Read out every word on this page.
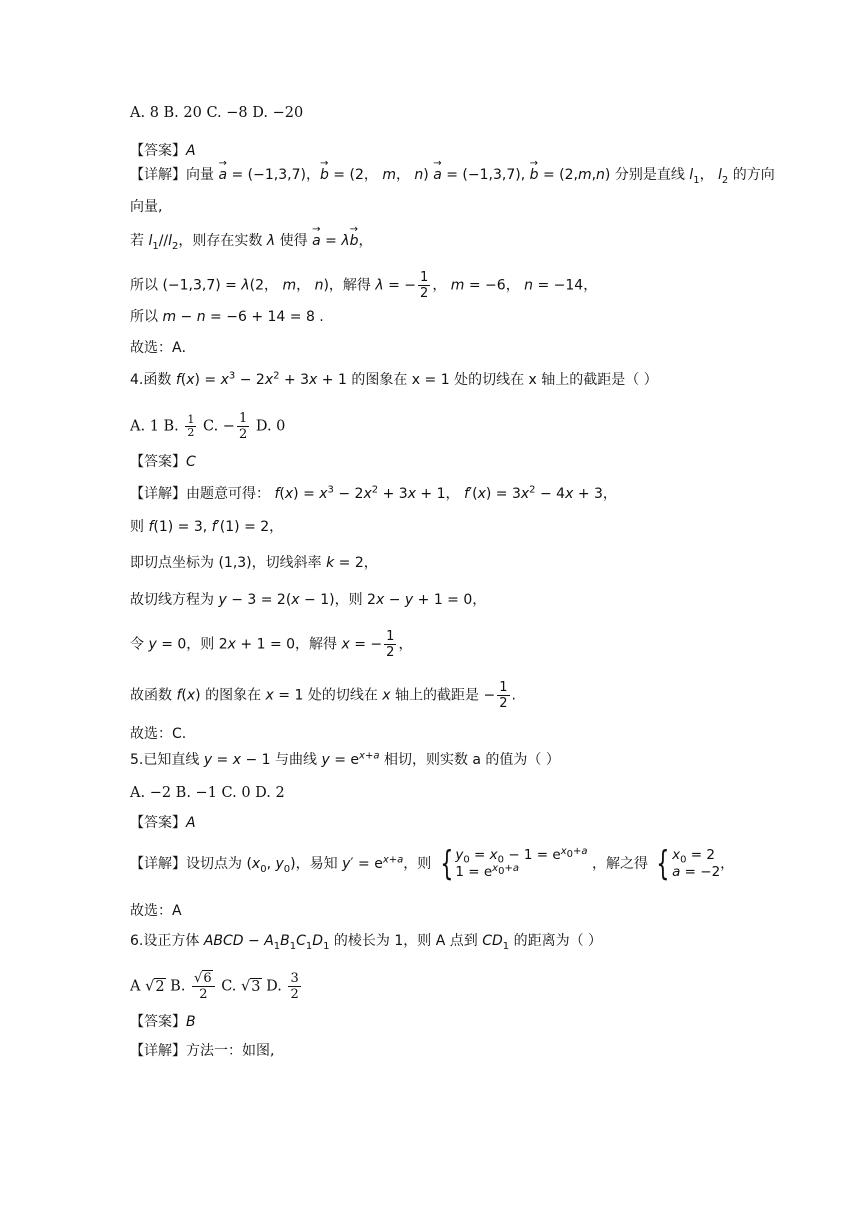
A. 8 B. 20 C. −8 D. −20
【答案】A
【详解】向量 → a = (−1,3,7)，→ b = (2， m， n) → a = (−1,3,7), → b = (2,m,n) 分别是直线 $l_1$， $l_2$ 的方向
向量,
若 $l_1//l_2$，则存在实数 λ 使得 → a = λ→ b，
所以 (−1,3,7) = λ(2， m， n)，解得 λ = − $\frac{1}{2}$ ， m = −6， n = −14，
所以 m − n = −6 + 14 = 8 .
故选：A．
4.函数 $f(x) = x^3 - 2x^2 + 3x + 1$ 的图象在 x = 1 处的切线在 x 轴上的截距是（ ）
A. 1 B. $\frac{1}{2} C$. − $\frac{1}{2} D$. 0
【答案】C
【详解】由题意可得： $f(x) = x^3 - 2x^2 + 3x + 1$， $f'(x) = 3x^2 - 4x + 3$，
则 f(1) = 3, f′(1) = 2，
即切点坐标为 (1,3)，切线斜率 k = 2，
故切线方程为 y − 3 = 2(x − 1)，则 2x − y + 1 = 0，
令 y = 0，则 2x + 1 = 0，解得 x = − $\frac{1}{2}$ ，
故函数 f(x) 的图象在 x = 1 处的切线在 x 轴上的截距是 − $\frac{1}{2}$ .
故选：C.
5.已知直线 y = x − 1 与曲线 $y = e^{x+a}$ 相切，则实数 a 的值为（ ）
A. −2 B. −1 C. 0 D. 2
【答案】A
【详解】设切点为 ($x_0$, $y_0$)，易知 $y' = e^{x+a}$，则 { $y_0 = x_0 - 1 = e^{x_0+a}$
$1 = e^{x_0+a}$	，解之得 { $x_0 = 2$
a = −2，
故选：A
6.设正方体 ABCD − $A_1B_1C_1D_1$ 的棱长为 1，则 A 点到 $CD_1$ 的距离为（ ）
A √2 B. $\frac{√6}{2} C$. √3 D. $\frac{3}{2}$
【答案】B
【详解】方法一：如图,
